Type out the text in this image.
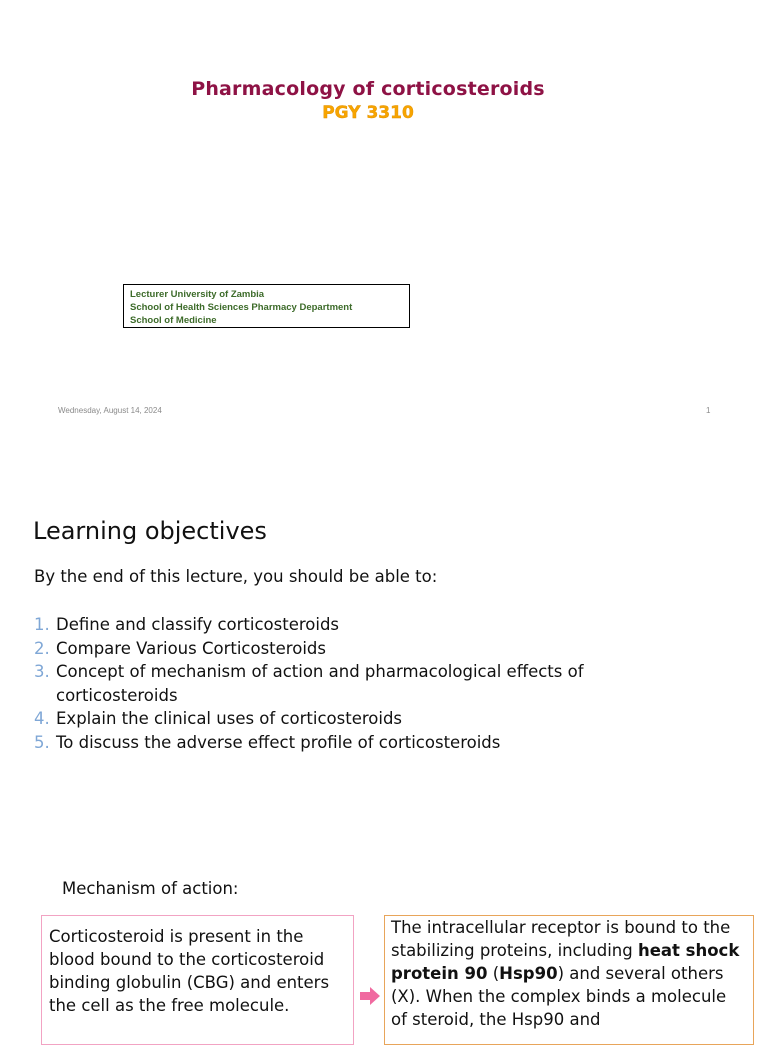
Pharmacology of corticosteroids
PGY 3310
Lecturer University of Zambia
School of Health Sciences Pharmacy Department
School of Medicine
Wednesday, August 14, 2024	1
Learning objectives
By the end of this lecture, you should be able to:
1. Define and classify corticosteroids
2. Compare Various Corticosteroids
3. Concept of mechanism of action and pharmacological effects of corticosteroids
4. Explain the clinical uses of corticosteroids
5. To discuss the adverse effect profile of corticosteroids
Mechanism of action:
Corticosteroid is present in the blood bound to the corticosteroid binding globulin (CBG) and enters the cell as the free molecule.
The intracellular receptor is bound to the stabilizing proteins, including heat shock protein 90 (Hsp90) and several others (X). When the complex binds a molecule of steroid, the Hsp90 and
